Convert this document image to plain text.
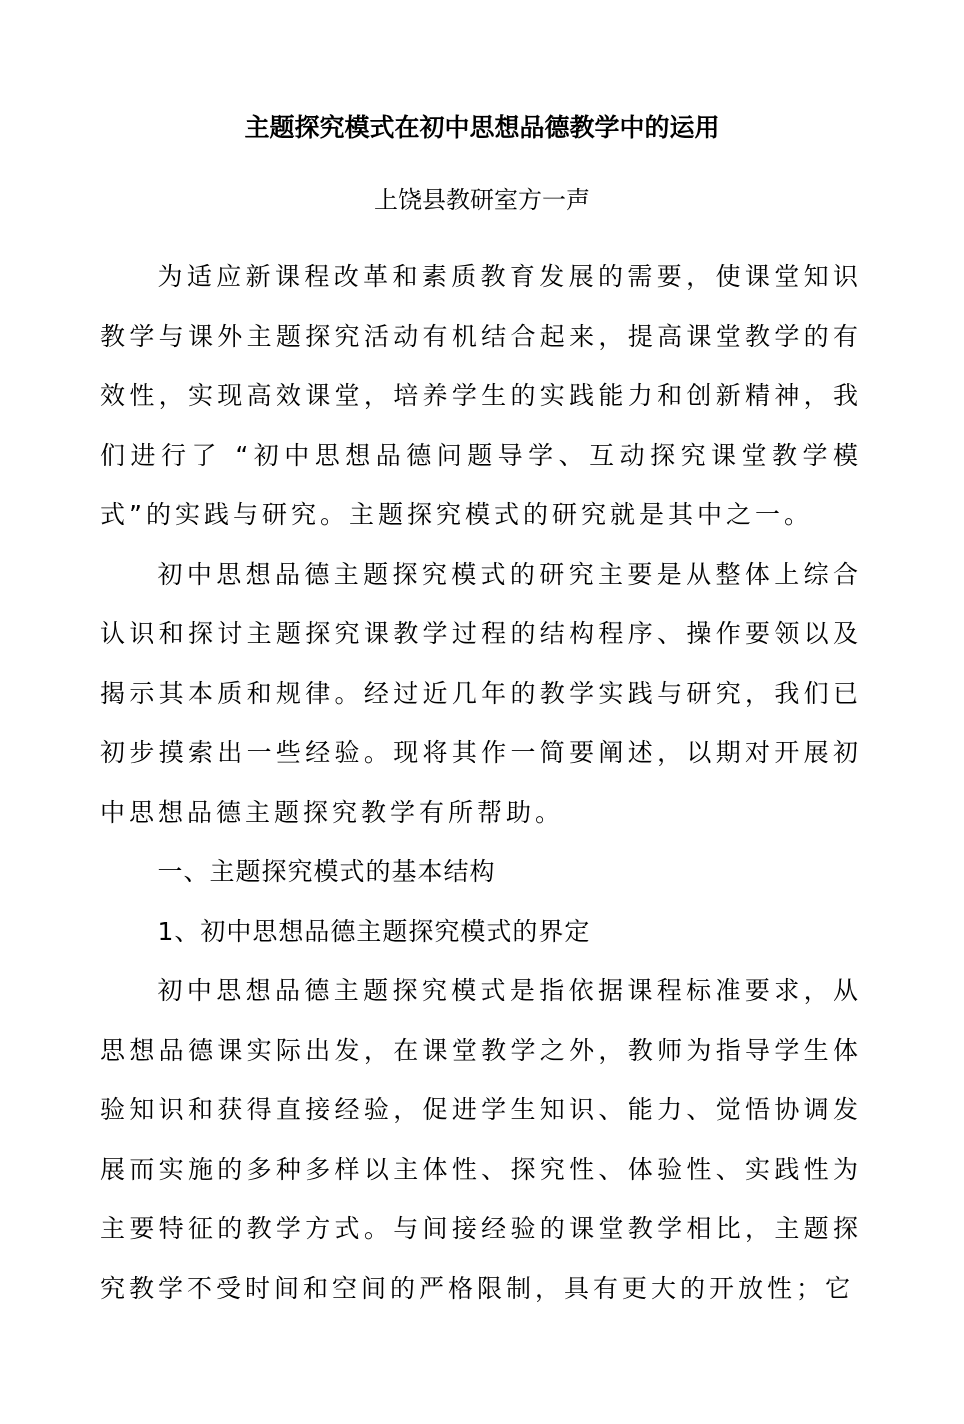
主题探究模式在初中思想品德教学中的运用
上饶县教研室方一声

为适应新课程改革和素质教育发展的需要，使课堂知识教学与课外主题探究活动有机结合起来，提高课堂教学的有效性，实现高效课堂，培养学生的实践能力和创新精神，我们进行了 “初中思想品德问题导学、互动探究课堂教学模式”的实践与研究。主题探究模式的研究就是其中之一。

初中思想品德主题探究模式的研究主要是从整体上综合认识和探讨主题探究课教学过程的结构程序、操作要领以及揭示其本质和规律。经过近几年的教学实践与研究，我们已初步摸索出一些经验。现将其作一简要阐述，以期对开展初中思想品德主题探究教学有所帮助。

一、主题探究模式的基本结构

1、初中思想品德主题探究模式的界定

初中思想品德主题探究模式是指依据课程标准要求，从思想品德课实际出发，在课堂教学之外，教师为指导学生体验知识和获得直接经验，促进学生知识、能力、觉悟协调发展而实施的多种多样以主体性、探究性、体验性、实践性为主要特征的教学方式。与间接经验的课堂教学相比，主题探究教学不受时间和空间的严格限制，具有更大的开放性；它
